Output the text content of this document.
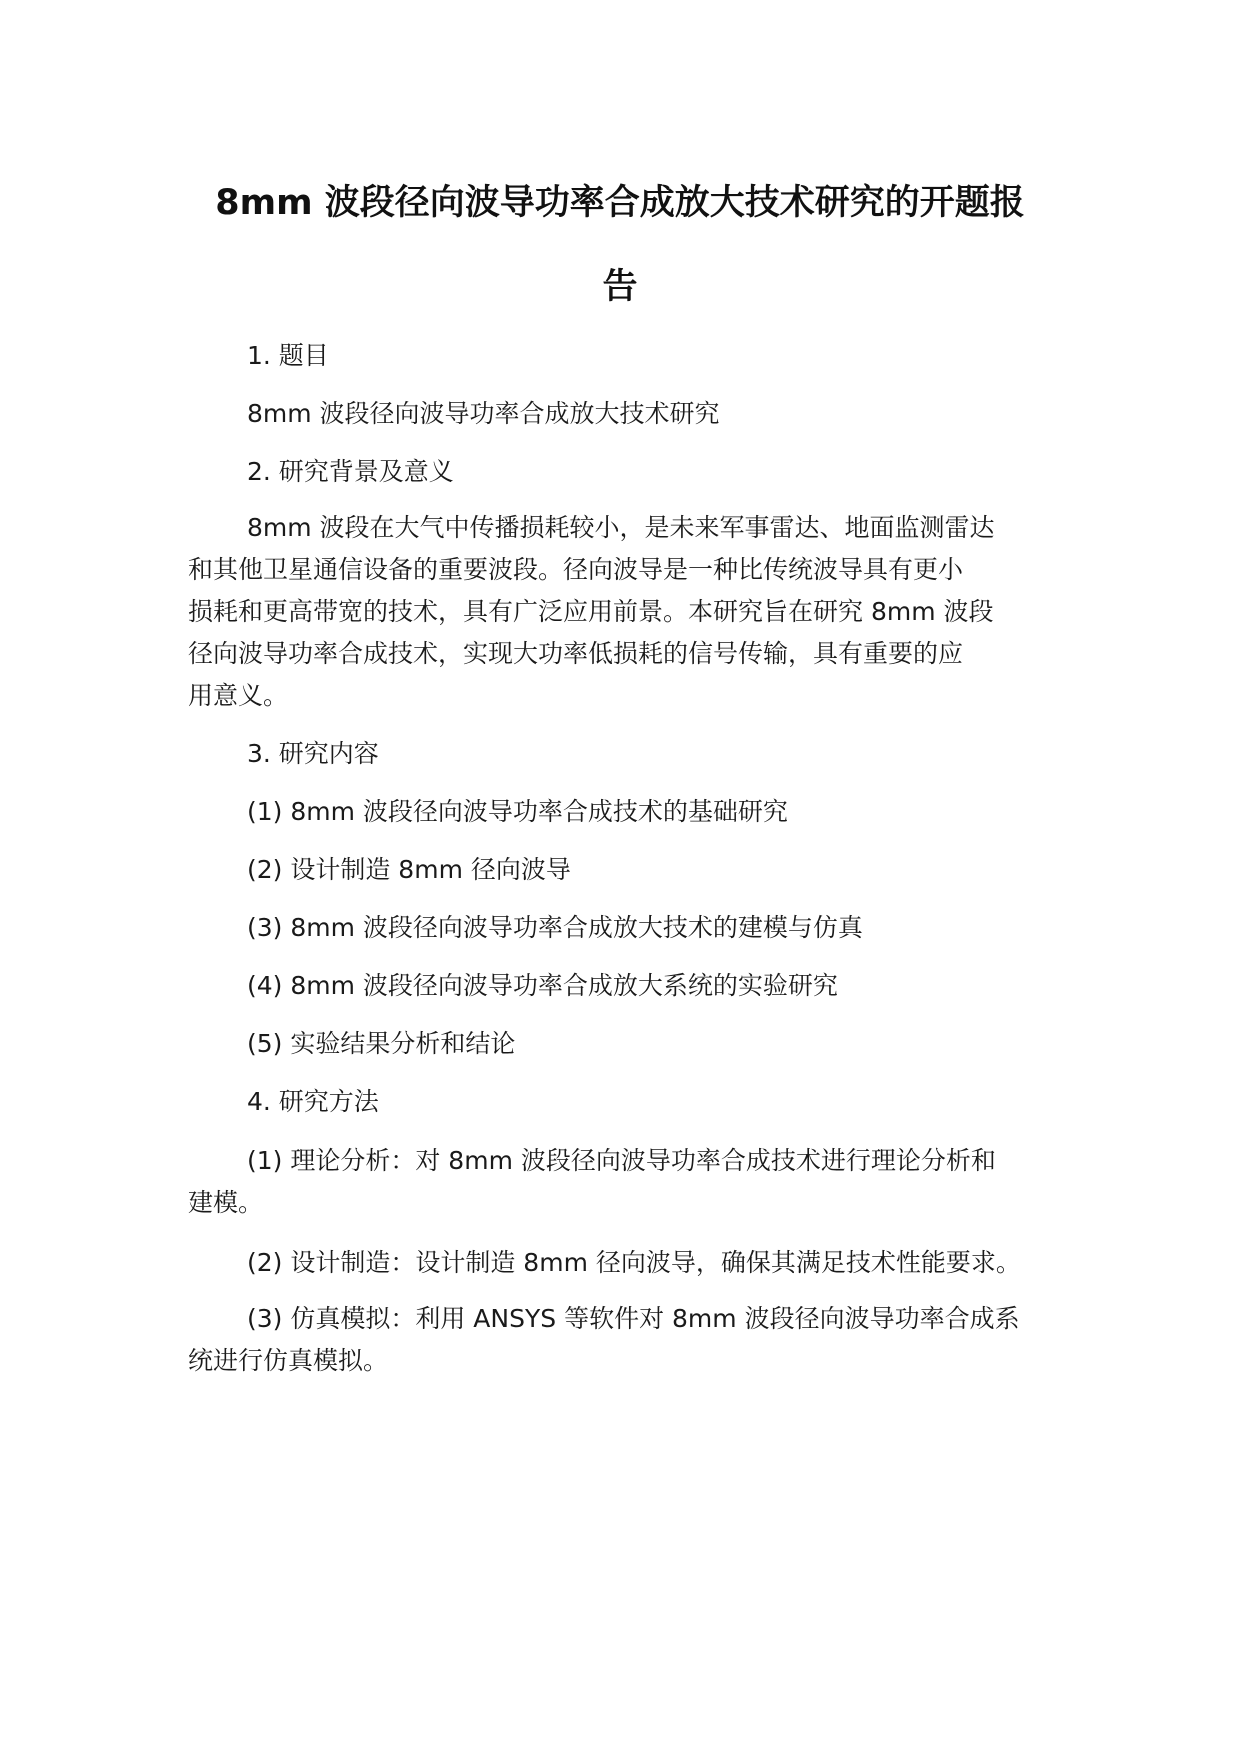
8mm 波段径向波导功率合成放大技术研究的开题报
告
1. 题目
8mm 波段径向波导功率合成放大技术研究
2. 研究背景及意义
8mm 波段在大气中传播损耗较小，是未来军事雷达、地面监测雷达
和其他卫星通信设备的重要波段。径向波导是一种比传统波导具有更小
损耗和更高带宽的技术，具有广泛应用前景。本研究旨在研究 8mm 波段
径向波导功率合成技术，实现大功率低损耗的信号传输，具有重要的应
用意义。
3. 研究内容
(1) 8mm 波段径向波导功率合成技术的基础研究
(2) 设计制造 8mm 径向波导
(3) 8mm 波段径向波导功率合成放大技术的建模与仿真
(4) 8mm 波段径向波导功率合成放大系统的实验研究
(5) 实验结果分析和结论
4. 研究方法
(1) 理论分析：对 8mm 波段径向波导功率合成技术进行理论分析和
建模。
(2) 设计制造：设计制造 8mm 径向波导，确保其满足技术性能要求。
(3) 仿真模拟：利用 ANSYS 等软件对 8mm 波段径向波导功率合成系
统进行仿真模拟。
